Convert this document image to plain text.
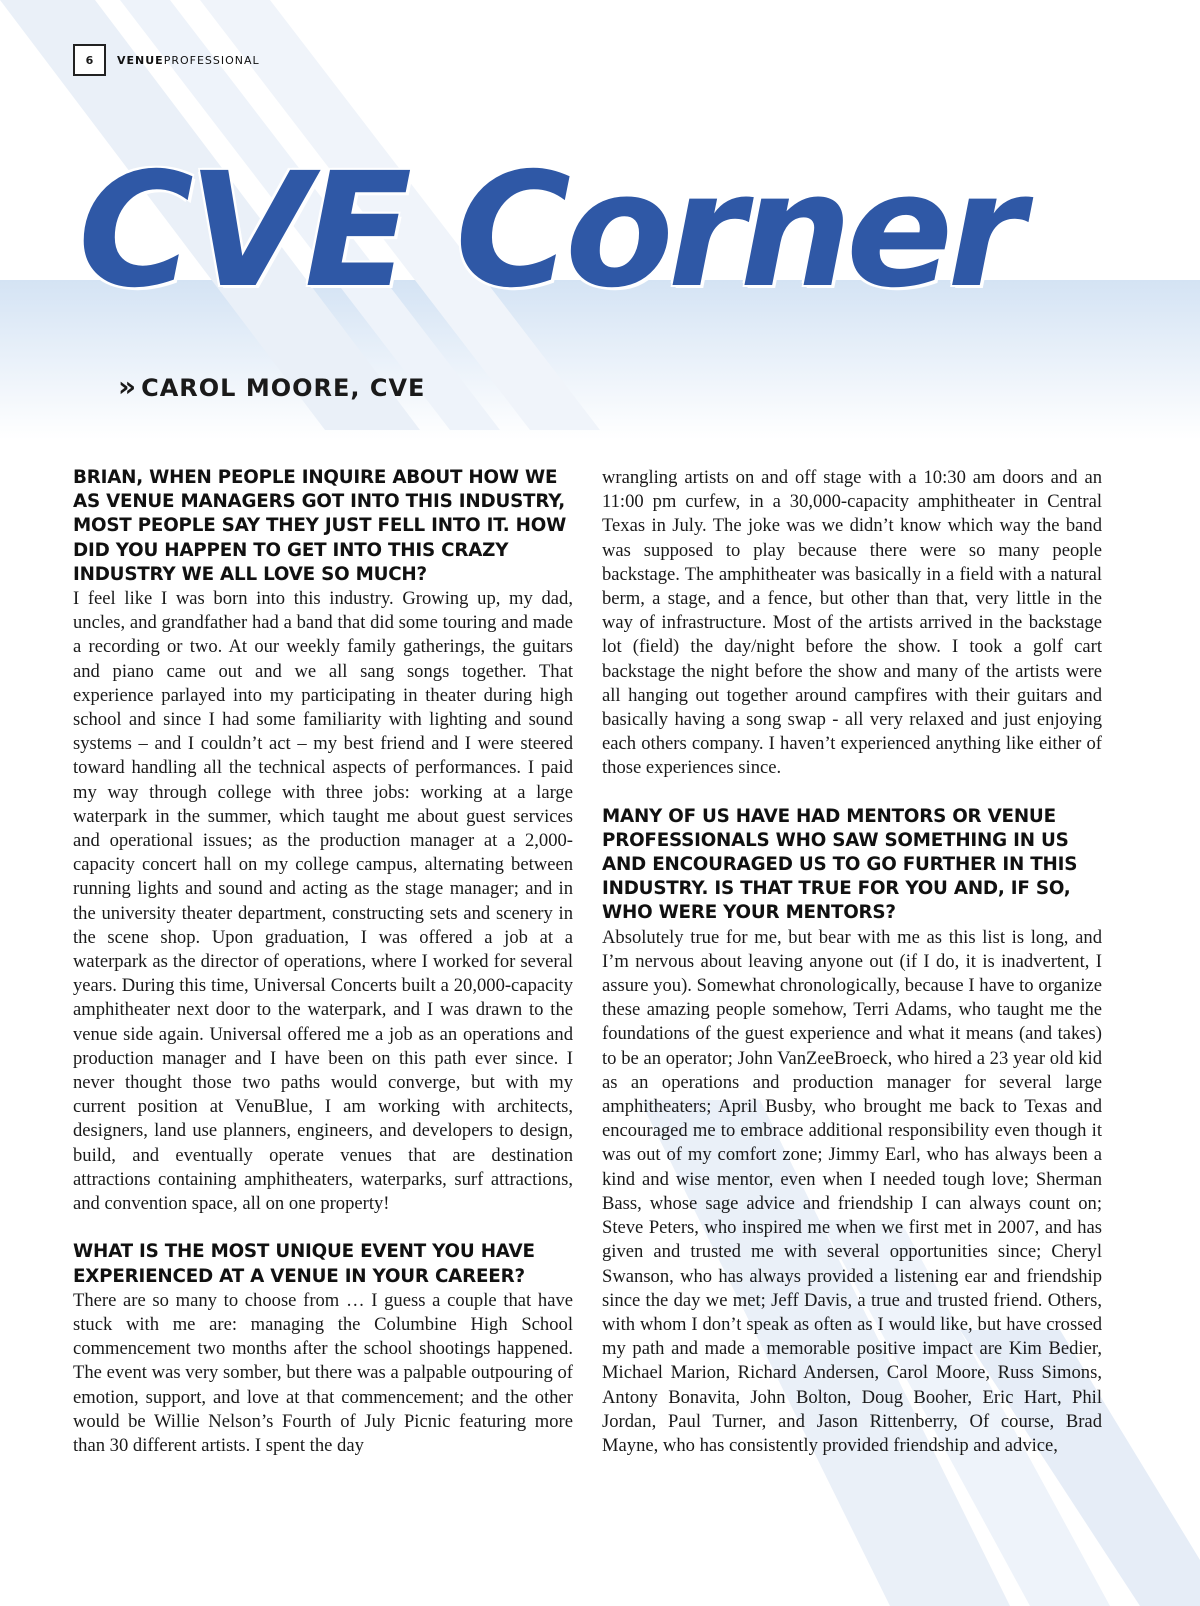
6	VENUEPROFESSIONAL
CVE Corner
» CAROL MOORE, CVE

BRIAN, WHEN PEOPLE INQUIRE ABOUT HOW WE AS VENUE MANAGERS GOT INTO THIS INDUSTRY, MOST PEOPLE SAY THEY JUST FELL INTO IT. HOW DID YOU HAPPEN TO GET INTO THIS CRAZY INDUSTRY WE ALL LOVE SO MUCH?

I feel like I was born into this industry. Growing up, my dad, uncles, and grandfather had a band that did some touring and made a recording or two. At our weekly family gatherings, the guitars and piano came out and we all sang songs together. That experience parlayed into my participating in theater during high school and since I had some familiarity with lighting and sound systems – and I couldn’t act – my best friend and I were steered toward handling all the technical aspects of performances. I paid my way through college with three jobs: working at a large waterpark in the summer, which taught me about guest services and operational issues; as the production manager at a 2,000-capacity concert hall on my college campus, alternating between running lights and sound and acting as the stage manager; and in the university theater department, constructing sets and scenery in the scene shop. Upon graduation, I was offered a job at a waterpark as the director of operations, where I worked for several years. During this time, Universal Concerts built a 20,000-capacity amphitheater next door to the waterpark, and I was drawn to the venue side again. Universal offered me a job as an operations and production manager and I have been on this path ever since. I never thought those two paths would converge, but with my current position at VenuBlue, I am working with architects, designers, land use planners, engineers, and developers to design, build, and eventually operate venues that are destination attractions containing amphitheaters, waterparks, surf attractions, and convention space, all on one property!

WHAT IS THE MOST UNIQUE EVENT YOU HAVE EXPERIENCED AT A VENUE IN YOUR CAREER?

There are so many to choose from … I guess a couple that have stuck with me are: managing the Columbine High School commencement two months after the school shootings happened. The event was very somber, but there was a palpable outpouring of emotion, support, and love at that commencement; and the other would be Willie Nelson’s Fourth of July Picnic featuring more than 30 different artists. I spent the day

wrangling artists on and off stage with a 10:30 am doors and an 11:00 pm curfew, in a 30,000-capacity amphitheater in Central Texas in July. The joke was we didn’t know which way the band was supposed to play because there were so many people backstage. The amphitheater was basically in a field with a natural berm, a stage, and a fence, but other than that, very little in the way of infrastructure. Most of the artists arrived in the backstage lot (field) the day/night before the show. I took a golf cart backstage the night before the show and many of the artists were all hanging out together around campfires with their guitars and basically having a song swap - all very relaxed and just enjoying each others company. I haven’t experienced anything like either of those experiences since.

MANY OF US HAVE HAD MENTORS OR VENUE PROFESSIONALS WHO SAW SOMETHING IN US AND ENCOURAGED US TO GO FURTHER IN THIS INDUSTRY. IS THAT TRUE FOR YOU AND, IF SO, WHO WERE YOUR MENTORS?

Absolutely true for me, but bear with me as this list is long, and I’m nervous about leaving anyone out (if I do, it is inadvertent, I assure you). Somewhat chronologically, because I have to organize these amazing people somehow, Terri Adams, who taught me the foundations of the guest experience and what it means (and takes) to be an operator; John VanZeeBroeck, who hired a 23 year old kid as an operations and production manager for several large amphitheaters; April Busby, who brought me back to Texas and encouraged me to embrace additional responsibility even though it was out of my comfort zone; Jimmy Earl, who has always been a kind and wise mentor, even when I needed tough love; Sherman Bass, whose sage advice and friendship I can always count on; Steve Peters, who inspired me when we first met in 2007, and has given and trusted me with several opportunities since; Cheryl Swanson, who has always provided a listening ear and friendship since the day we met; Jeff Davis, a true and trusted friend. Others, with whom I don’t speak as often as I would like, but have crossed my path and made a memorable positive impact are Kim Bedier, Michael Marion, Richard Andersen, Carol Moore, Russ Simons, Antony Bonavita, John Bolton, Doug Booher, Eric Hart, Phil Jordan, Paul Turner, and Jason Rittenberry, Of course, Brad Mayne, who has consistently provided friendship and advice,
